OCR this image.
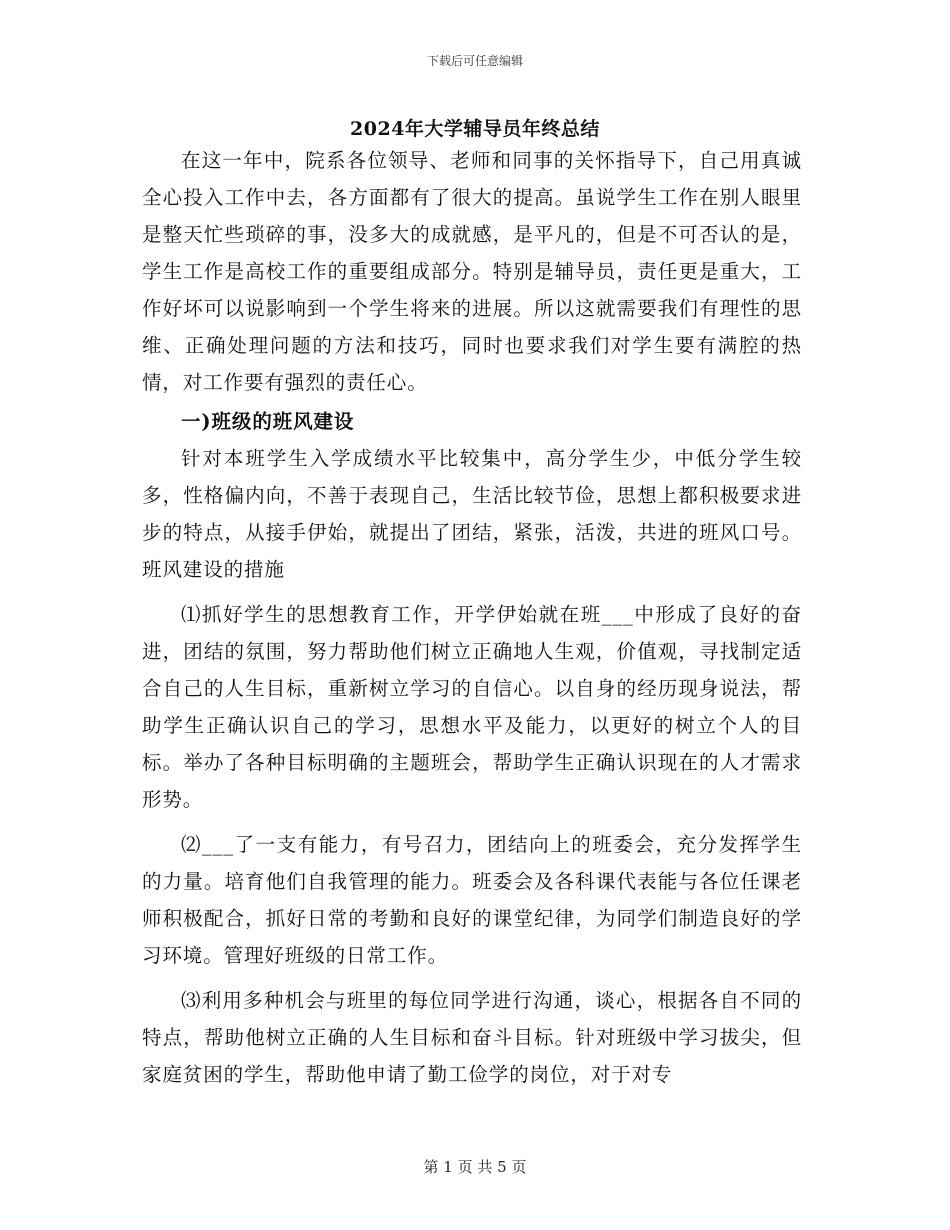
下载后可任意编辑
2024年大学辅导员年终总结

在这一年中，院系各位领导、老师和同事的关怀指导下，自己用真诚全心投入工作中去，各方面都有了很大的提高。虽说学生工作在别人眼里是整天忙些琐碎的事，没多大的成就感，是平凡的，但是不可否认的是，学生工作是高校工作的重要组成部分。特别是辅导员，责任更是重大，工作好坏可以说影响到一个学生将来的进展。所以这就需要我们有理性的思维、正确处理问题的方法和技巧，同时也要求我们对学生要有满腔的热情，对工作要有强烈的责任心。

一)班级的班风建设

针对本班学生入学成绩水平比较集中，高分学生少，中低分学生较多，性格偏内向，不善于表现自己，生活比较节俭，思想上都积极要求进步的特点，从接手伊始，就提出了团结，紧张，活泼，共进的班风口号。班风建设的措施

⑴抓好学生的思想教育工作，开学伊始就在班___中形成了良好的奋进，团结的氛围，努力帮助他们树立正确地人生观，价值观，寻找制定适合自己的人生目标，重新树立学习的自信心。以自身的经历现身说法，帮助学生正确认识自己的学习，思想水平及能力，以更好的树立个人的目标。举办了各种目标明确的主题班会，帮助学生正确认识现在的人才需求形势。

⑵___了一支有能力，有号召力，团结向上的班委会，充分发挥学生的力量。培育他们自我管理的能力。班委会及各科课代表能与各位任课老师积极配合，抓好日常的考勤和良好的课堂纪律，为同学们制造良好的学习环境。管理好班级的日常工作。

⑶利用多种机会与班里的每位同学进行沟通，谈心，根据各自不同的特点，帮助他树立正确的人生目标和奋斗目标。针对班级中学习拔尖，但家庭贫困的学生，帮助他申请了勤工俭学的岗位，对于对专

第 1 页 共 5 页
